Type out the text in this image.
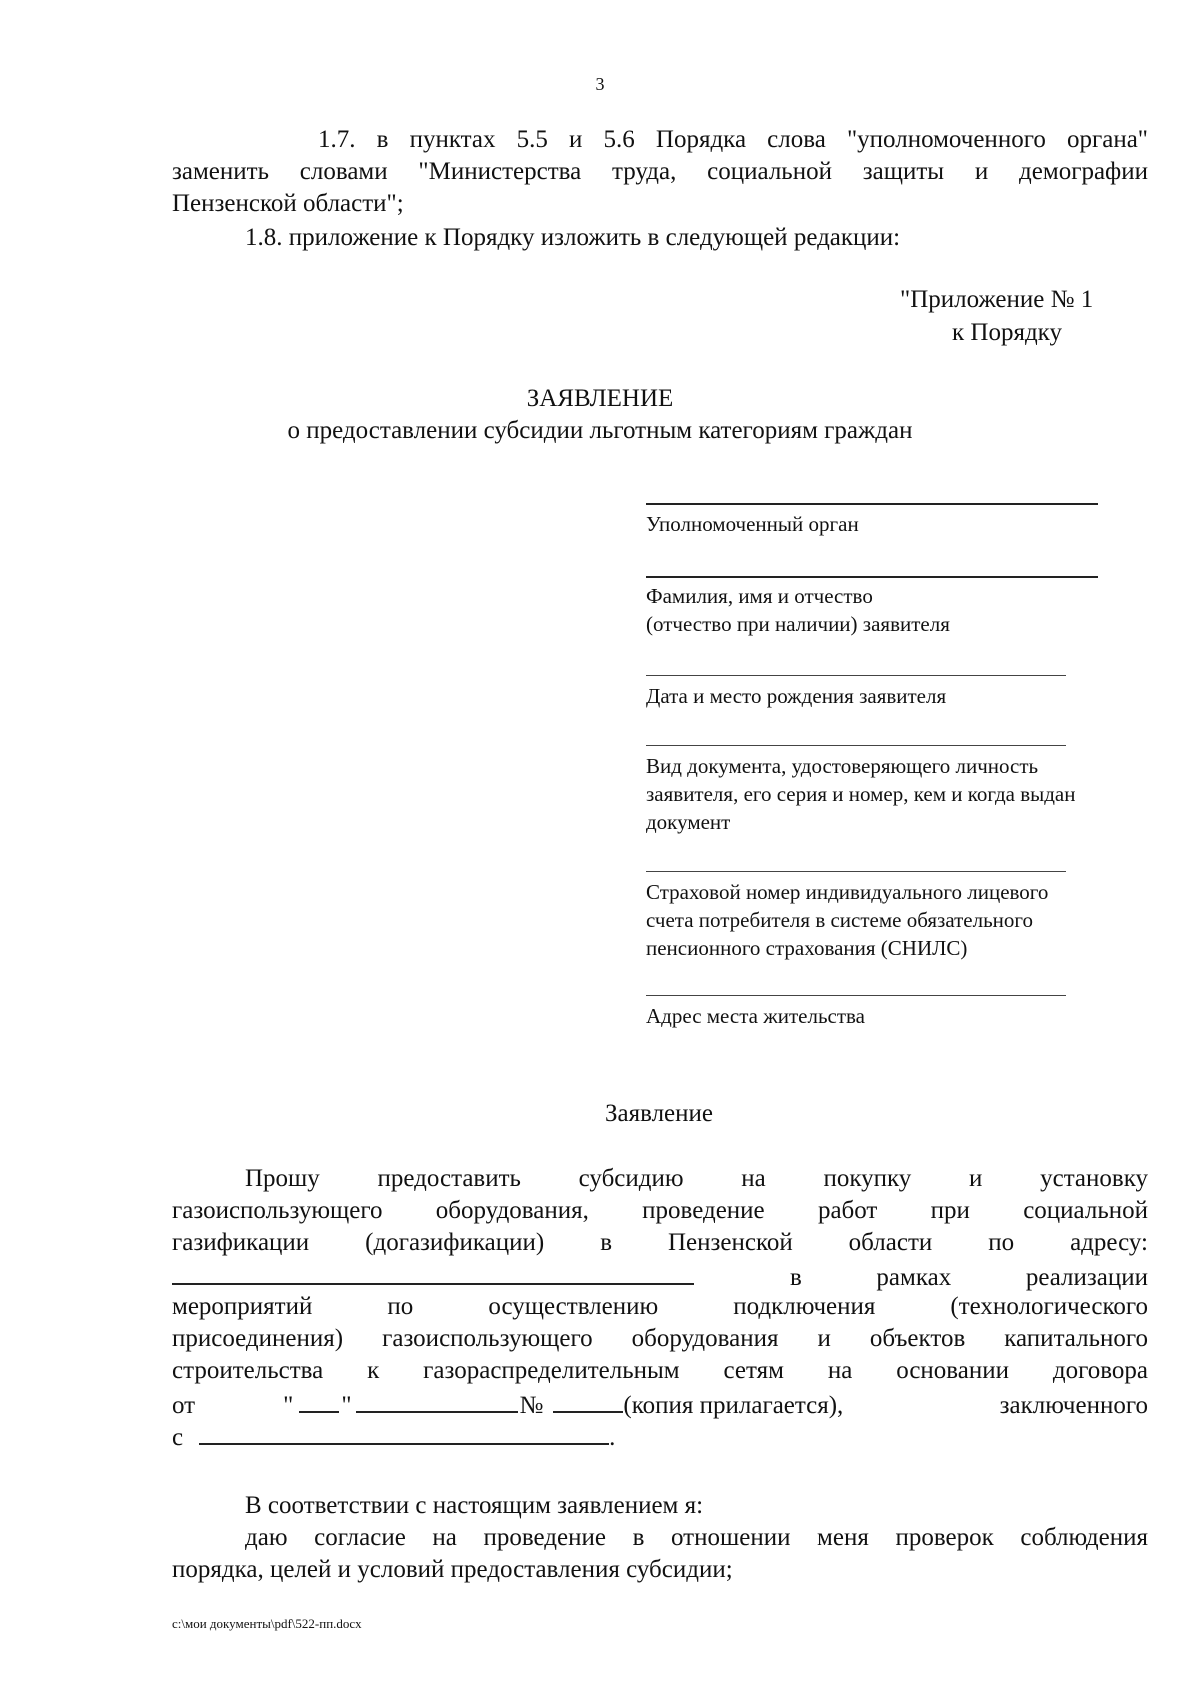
3
1.7. в пунктах 5.5 и 5.6 Порядка слова "уполномоченного органа"
заменить словами "Министерства труда, социальной защиты и демографии
Пензенской области";
1.8. приложение к Порядку изложить в следующей редакции:
"Приложение № 1
к Порядку
ЗАЯВЛЕНИЕ
о предоставлении субсидии льготным категориям граждан
Уполномоченный орган
Фамилия, имя и отчество
(отчество при наличии) заявителя
Дата и место рождения заявителя
Вид документа, удостоверяющего личность
заявителя, его серия и номер, кем и когда выдан
документ
Страховой номер индивидуального лицевого
счета потребителя в системе обязательного
пенсионного страхования (СНИЛС)
Адрес места жительства
Заявление
Прошу предоставить субсидию на покупку и установку
газоиспользующего оборудования, проведение работ при социальной
газификации (догазификации) в Пензенской области по адресу:
в рамках реализации
мероприятий по осуществлению подключения (технологического
присоединения) газоиспользующего оборудования и объектов капитального
строительства к газораспределительным сетям на основании договора
от	" "	№	(копия прилагается),	заключенного
с	.
В соответствии с настоящим заявлением я:
даю согласие на проведение в отношении меня проверок соблюдения
порядка, целей и условий предоставления субсидии;
c:\мои документы\pdf\522-пп.docx
